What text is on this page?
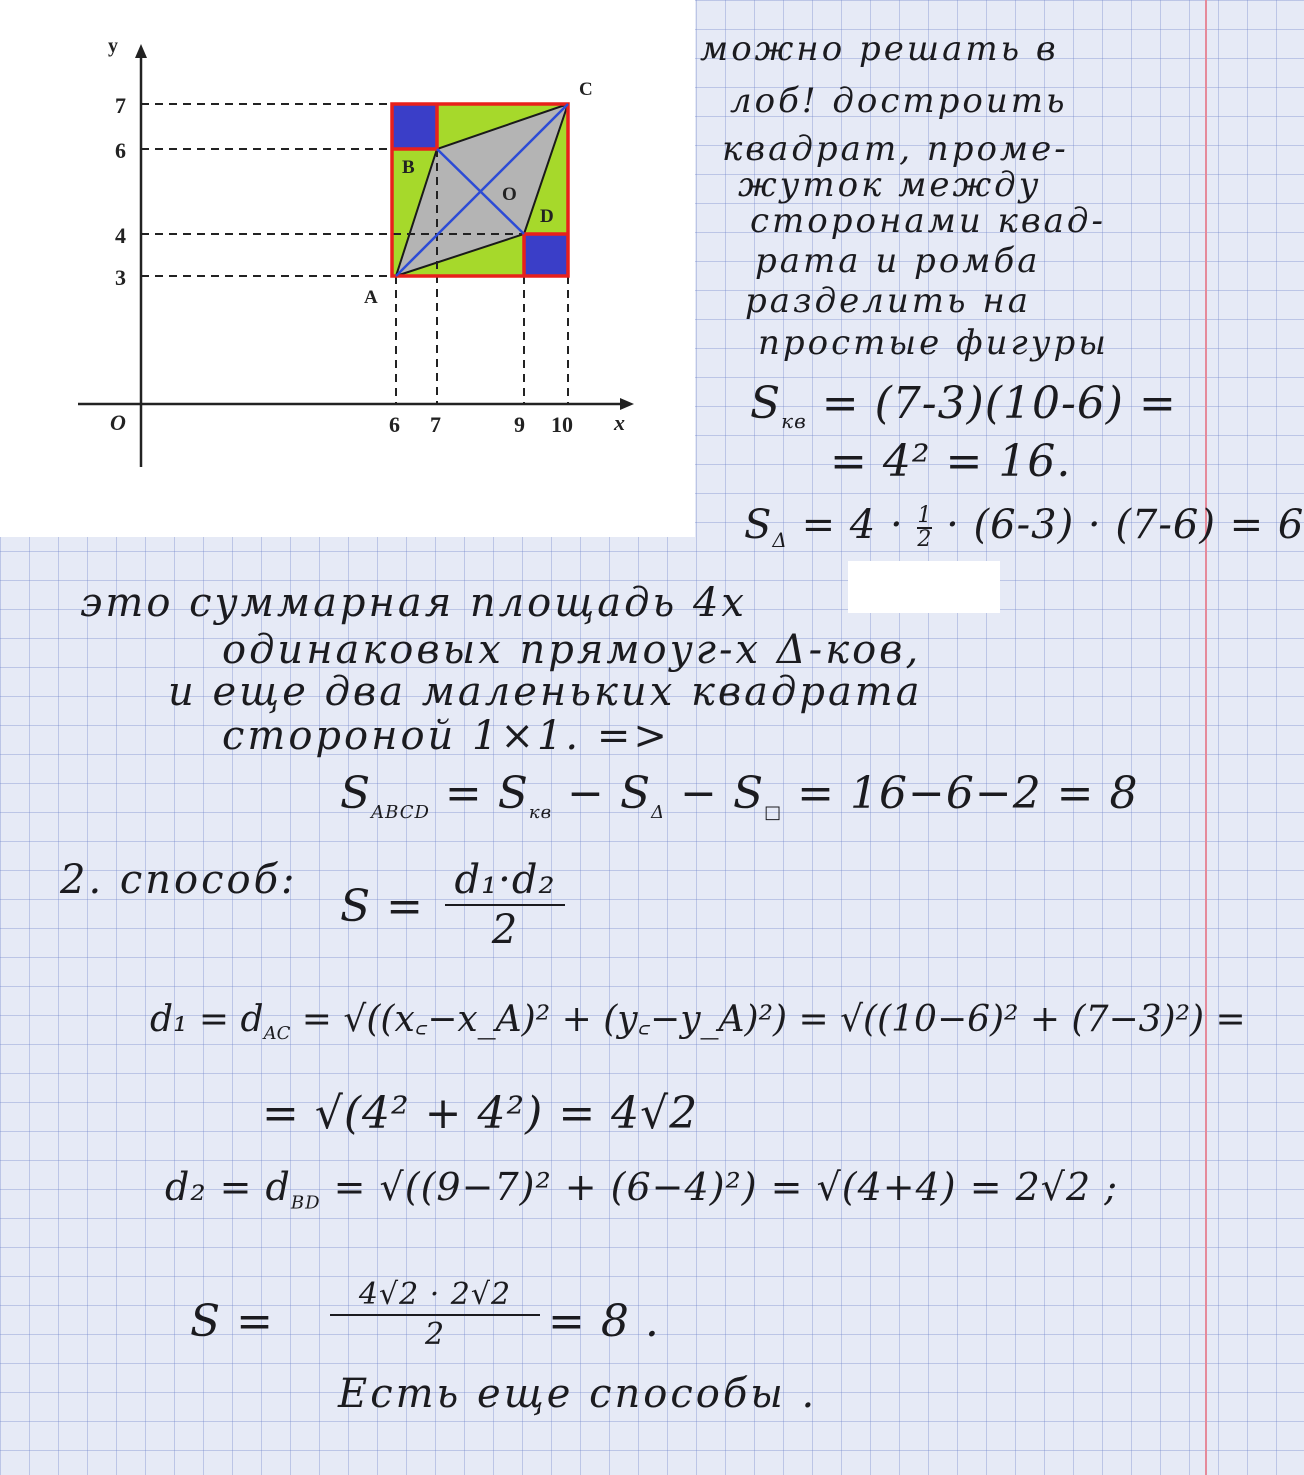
y
x
O
7
6
4
3
6 7	9 10
A
B
C
D
O

можно решать в

лоб! достроить

квадрат, проме-

жуток между

сторонами квад-

рата и ромба

разделить на

простые фигуры

$S_{кв} = (7-3)(10-6)$ =

= 4² = 16.

$S_\Delta = 4 \cdot \frac{1}{2} \cdot (6-3) \cdot (7-6) = 6$

это суммарная площадь 4х

одинаковых прямоуг-х Δ-ков,

и еще два маленьких квадрата

стороной 1×1. =>

$S_{ABCD} = S_{кв} - S_\Delta - S_□ = 16-6-2 = 8$

2. способ:

S =

d₁·d₂
2

$d_1 = d_{AC}$ = √((x꜀−x_A)² + (y꜀−y_A)²) = √((10−6)² + (7−3)²) =

= √(4² + 4²) = 4√2

$d_2 = d_{BD} = √((9-7)^2 + (6-4)^2) = √(4+4) = 2√2$ ;

S =

4√2 · 2√2
2	= 8 .

Есть еще способы .
